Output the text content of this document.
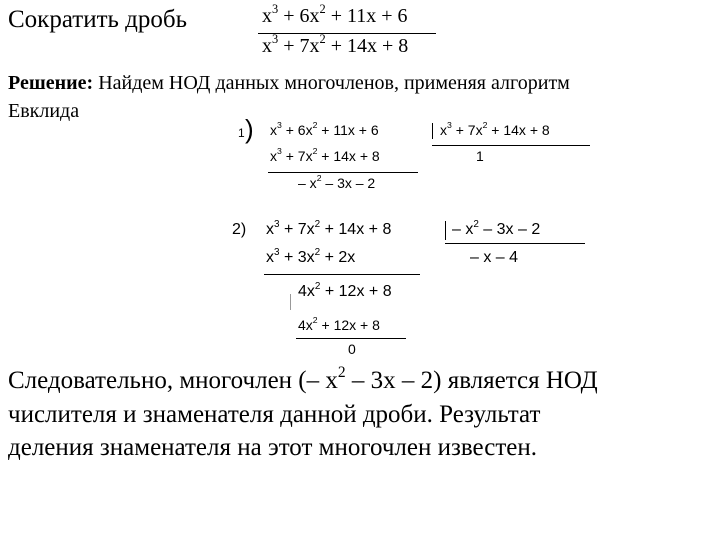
Сократить дробь	$x^3 + 6x^2 + 11x + 6$
$x^3 + 7x^2 + 14x + 8$
Решение: Найдем НОД данных многочленов, применяя алгоритм
Евклида
1 ) $x^3 + 6x^2 + 11x + 6$	$x^3 + 7x^2 + 14x + 8$
$x^3 + 7x^2 + 14x + 8$	1
– $x^2 - 3x - 2$
2) $x^3 + 7x^2 + 14x + 8$	– $x^2 - 3x - 2$
$x^3 + 3x^2 + 2x$	– x – 4
$4x^2 + 12x + 8$
$4x^2 + 12x + 8$
0
Следовательно, многочлен (– $x^2 - 3x - 2$) является НОД
числителя и знаменателя данной дроби. Результат
деления знаменателя на этот многочлен известен.
